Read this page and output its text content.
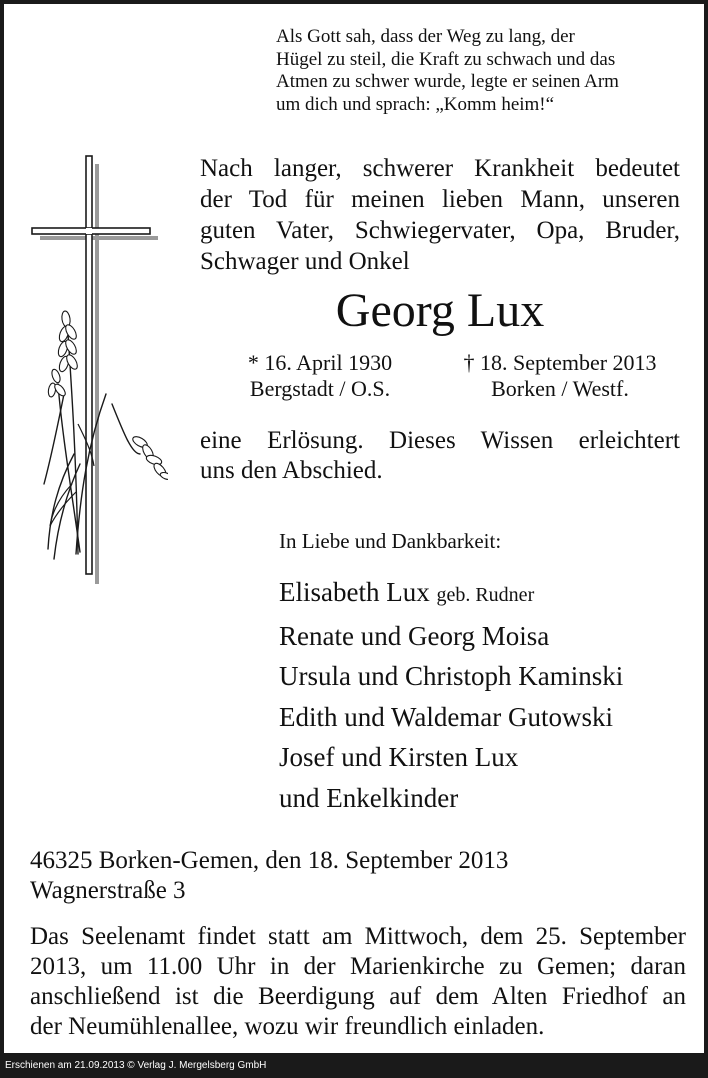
Als Gott sah, dass der Weg zu lang, der
Hügel zu steil, die Kraft zu schwach und das
Atmen zu schwer wurde, legte er seinen Arm
um dich und sprach: „Komm heim!“
Nach langer, schwerer Krankheit bedeutet
der Tod für meinen lieben Mann, unseren
guten Vater, Schwiegervater, Opa, Bruder,
Schwager und Onkel
Georg Lux
* 16. April 1930
Bergstadt / O.S.
† 18. September 2013
Borken / Westf.
eine Erlösung. Dieses Wissen erleichtert
uns den Abschied.
In Liebe und Dankbarkeit:
Elisabeth Lux geb. Rudner
Renate und Georg Moisa
Ursula und Christoph Kaminski
Edith und Waldemar Gutowski
Josef und Kirsten Lux
und Enkelkinder
46325 Borken-Gemen, den 18. September 2013
Wagnerstraße 3
Das Seelenamt findet statt am Mittwoch, dem 25. September
2013, um 11.00 Uhr in der Marienkirche zu Gemen; daran
anschließend ist die Beerdigung auf dem Alten Friedhof an
der Neumühlenallee, wozu wir freundlich einladen.
Erschienen am 21.09.2013 © Verlag J. Mergelsberg GmbH
